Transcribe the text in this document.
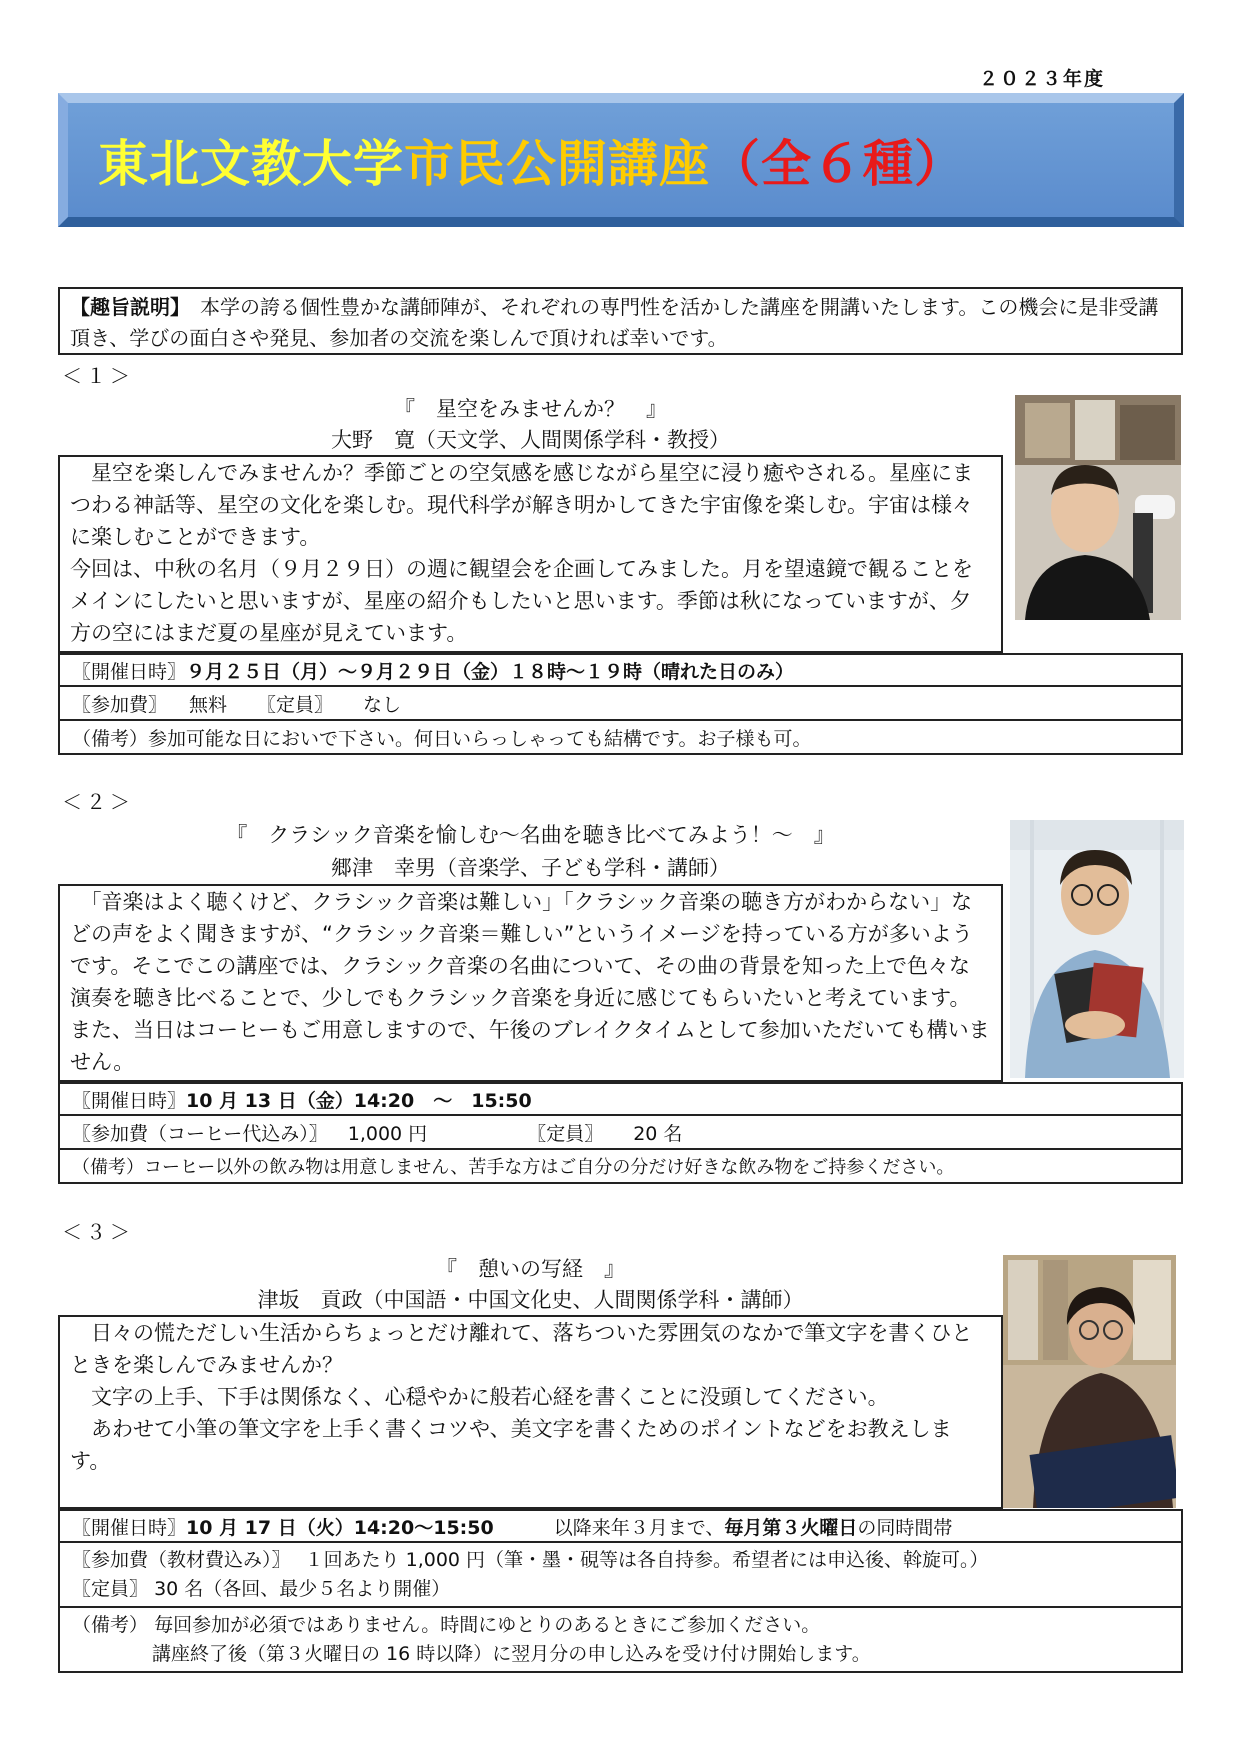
２０２３年度
東北文教大学 市民公開講座 （全６種）
【趣旨説明】　本学の誇る個性豊かな講師陣が、それぞれの専門性を活かした講座を開講いたします。この機会に是非受講頂き、学びの面白さや発見、参加者の交流を楽しんで頂ければ幸いです。
＜１＞
『　星空をみませんか？　』
大野　寛（天文学、人間関係学科・教授）

　星空を楽しんでみませんか？季節ごとの空気感を感じながら星空に浸り癒やされる。星座にまつわる神話等、星空の文化を楽しむ。現代科学が解き明かしてきた宇宙像を楽しむ。宇宙は様々に楽しむことができます。

今回は、中秋の名月（９月２９日）の週に観望会を企画してみました。月を望遠鏡で観ることをメインにしたいと思いますが、星座の紹介もしたいと思います。季節は秋になっていますが、夕方の空にはまだ夏の星座が見えています。

〖開催日時〗 ９月２５日（月）～９月２９日（金）１８時～１９時（晴れた日のみ）
〖参加費〗 無料 〖定員〗 なし
（備考） 参加可能な日においで下さい。何日いらっしゃっても結構です。お子様も可。
＜２＞
『　クラシック音楽を愉しむ～名曲を聴き比べてみよう！～　』
郷津　幸男（音楽学、子ども学科・講師）

　「音楽はよく聴くけど、クラシック音楽は難しい」「クラシック音楽の聴き方がわからない」などの声をよく聞きますが、“クラシック音楽＝難しい”というイメージを持っている方が多いようです。そこでこの講座では、クラシック音楽の名曲について、その曲の背景を知った上で色々な演奏を聴き比べることで、少しでもクラシック音楽を身近に感じてもらいたいと考えています。また、当日はコーヒーもご用意しますので、午後のブレイクタイムとして参加いただいても構いません。

〖開催日時〗 10 月 13 日（金）14:20　～　15:50
〖参加費（コーヒー代込み）〗 1,000 円	〖定員〗 20 名
（備考） コーヒー以外の飲み物は用意しません、苦手な方はご自分の分だけ好きな飲み物をご持参ください。
＜３＞
『　憩いの写経　』
津坂　貢政（中国語・中国文化史、人間関係学科・講師）

　日々の慌ただしい生活からちょっとだけ離れて、落ちついた雰囲気のなかで筆文字を書くひとときを楽しんでみませんか？

　文字の上手、下手は関係なく、心穏やかに般若心経を書くことに没頭してください。

　あわせて小筆の筆文字を上手く書くコツや、美文字を書くためのポイントなどをお教えします。

〖開催日時〗 10 月 17 日（火）14:20～15:50	以降来年３月まで、 毎月第３火曜日 の同時間帯
〖参加費（教材費込み）〗 １回あたり 1,000 円（筆・墨・硯等は各自持参。希望者には申込後、斡旋可。）
〖定員〗 30 名（各回、最少５名より開催）
（備考） 毎回参加が必須ではありません。時間にゆとりのあるときにご参加ください。
講座終了後（第３火曜日の 16 時以降）に翌月分の申し込みを受け付け開始します。
